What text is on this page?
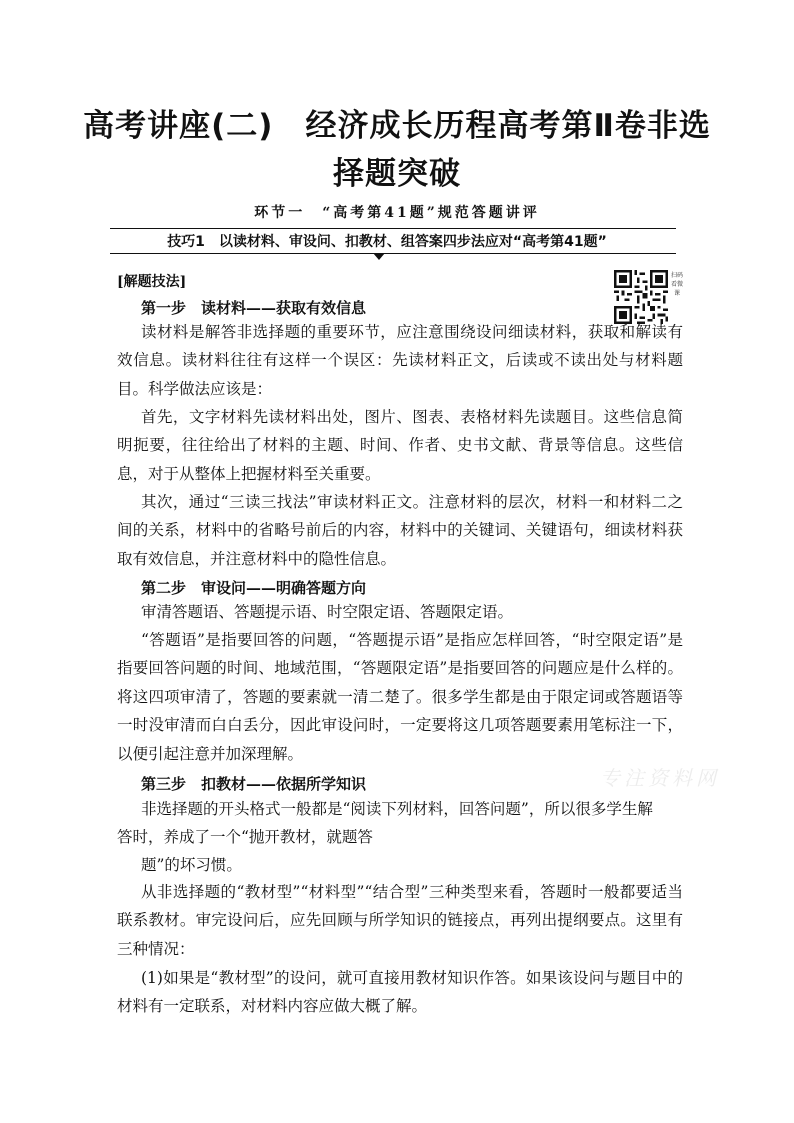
高考讲座(二)　经济成长历程高考第Ⅱ卷非选
择题突破
环节一　“高考第41题”规范答题讲评
技巧1　以读材料、审设问、扣教材、组答案四步法应对“高考第41题”
[解题技法]	扫码看微课
第一步　读材料——获取有效信息

读材料是解答非选择题的重要环节，应注意围绕设问细读材料，获取和解读有效信息。读材料往往有这样一个误区：先读材料正文，后读或不读出处与材料题目。科学做法应该是：

首先，文字材料先读材料出处，图片、图表、表格材料先读题目。这些信息简明扼要，往往给出了材料的主题、时间、作者、史书文献、背景等信息。这些信息，对于从整体上把握材料至关重要。

其次，通过“三读三找法”审读材料正文。注意材料的层次，材料一和材料二之间的关系，材料中的省略号前后的内容，材料中的关键词、关键语句，细读材料获取有效信息，并注意材料中的隐性信息。

第二步　审设问——明确答题方向

审清答题语、答题提示语、时空限定语、答题限定语。

“答题语”是指要回答的问题，“答题提示语”是指应怎样回答，“时空限定语”是指要回答问题的时间、地域范围，“答题限定语”是指要回答的问题应是什么样的。将这四项审清了，答题的要素就一清二楚了。很多学生都是由于限定词或答题语等一时没审清而白白丢分，因此审设问时，一定要将这几项答题要素用笔标注一下，以便引起注意并加深理解。

专注资料网
第三步　扣教材——依据所学知识
非选择题的开头格式一般都是“阅读下列材料，回答问题”，所以很多学生解
答时，养成了一个“抛开教材，就题答
题”的坏习惯。

从非选择题的“教材型”“材料型”“结合型”三种类型来看，答题时一般都要适当联系教材。审完设问后，应先回顾与所学知识的链接点，再列出提纲要点。这里有三种情况：

(1)如果是“教材型”的设问，就可直接用教材知识作答。如果该设问与题目中的材料有一定联系，对材料内容应做大概了解。
